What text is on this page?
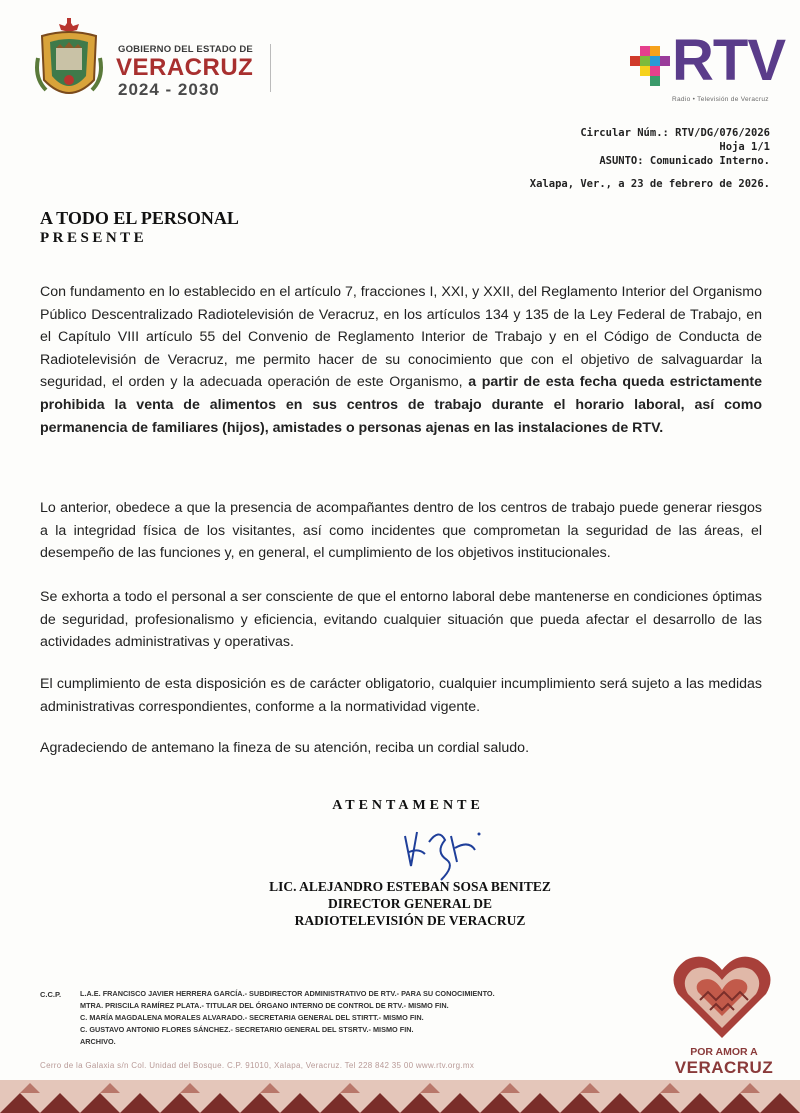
GOBIERNO DEL ESTADO DE
VERACRUZ
2024 - 2030	RTV
Radio • Televisión de Veracruz
Circular Núm.: RTV/DG/076/2026
Hoja 1/1
ASUNTO: Comunicado Interno.
Xalapa, Ver., a 23 de febrero de 2026.
A TODO EL PERSONAL
PRESENTE
Con fundamento en lo establecido en el artículo 7, fracciones I, XXI, y XXII, del Reglamento Interior del Organismo Público Descentralizado Radiotelevisión de Veracruz, en los artículos 134 y 135 de la Ley Federal de Trabajo, en el Capítulo VIII artículo 55 del Convenio de Reglamento Interior de Trabajo y en el Código de Conducta de Radiotelevisión de Veracruz, me permito hacer de su conocimiento que con el objetivo de salvaguardar la seguridad, el orden y la adecuada operación de este Organismo, a partir de esta fecha queda estrictamente prohibida la venta de alimentos en sus centros de trabajo durante el horario laboral, así como permanencia de familiares (hijos), amistades o personas ajenas en las instalaciones de RTV.
Lo anterior, obedece a que la presencia de acompañantes dentro de los centros de trabajo puede generar riesgos a la integridad física de los visitantes, así como incidentes que comprometan la seguridad de las áreas, el desempeño de las funciones y, en general, el cumplimiento de los objetivos institucionales.
Se exhorta a todo el personal a ser consciente de que el entorno laboral debe mantenerse en condiciones óptimas de seguridad, profesionalismo y eficiencia, evitando cualquier situación que pueda afectar el desarrollo de las actividades administrativas y operativas.
El cumplimiento de esta disposición es de carácter obligatorio, cualquier incumplimiento será sujeto a las medidas administrativas correspondientes, conforme a la normatividad vigente.
Agradeciendo de antemano la fineza de su atención, reciba un cordial saludo.
ATENTAMENTE
LIC. ALEJANDRO ESTEBAN SOSA BENITEZ
DIRECTOR GENERAL DE
RADIOTELEVISIÓN DE VERACRUZ
C.C.P.	L.A.E. FRANCISCO JAVIER HERRERA GARCÍA.- SUBDIRECTOR ADMINISTRATIVO DE RTV.- PARA SU CONOCIMIENTO.
MTRA. PRISCILA RAMÍREZ PLATA.- TITULAR DEL ÓRGANO INTERNO DE CONTROL DE RTV.- MISMO FIN.
C. MARÍA MAGDALENA MORALES ALVARADO.- SECRETARIA GENERAL DEL STIRTT.- MISMO FIN.
C. GUSTAVO ANTONIO FLORES SÁNCHEZ.- SECRETARIO GENERAL DEL STSRTV.- MISMO FIN.
ARCHIVO.
POR AMOR A
VERACRUZ
Cerro de la Galaxia s/n Col. Unidad del Bosque. C.P. 91010, Xalapa, Veracruz. Tel 228 842 35 00 www.rtv.org.mx
